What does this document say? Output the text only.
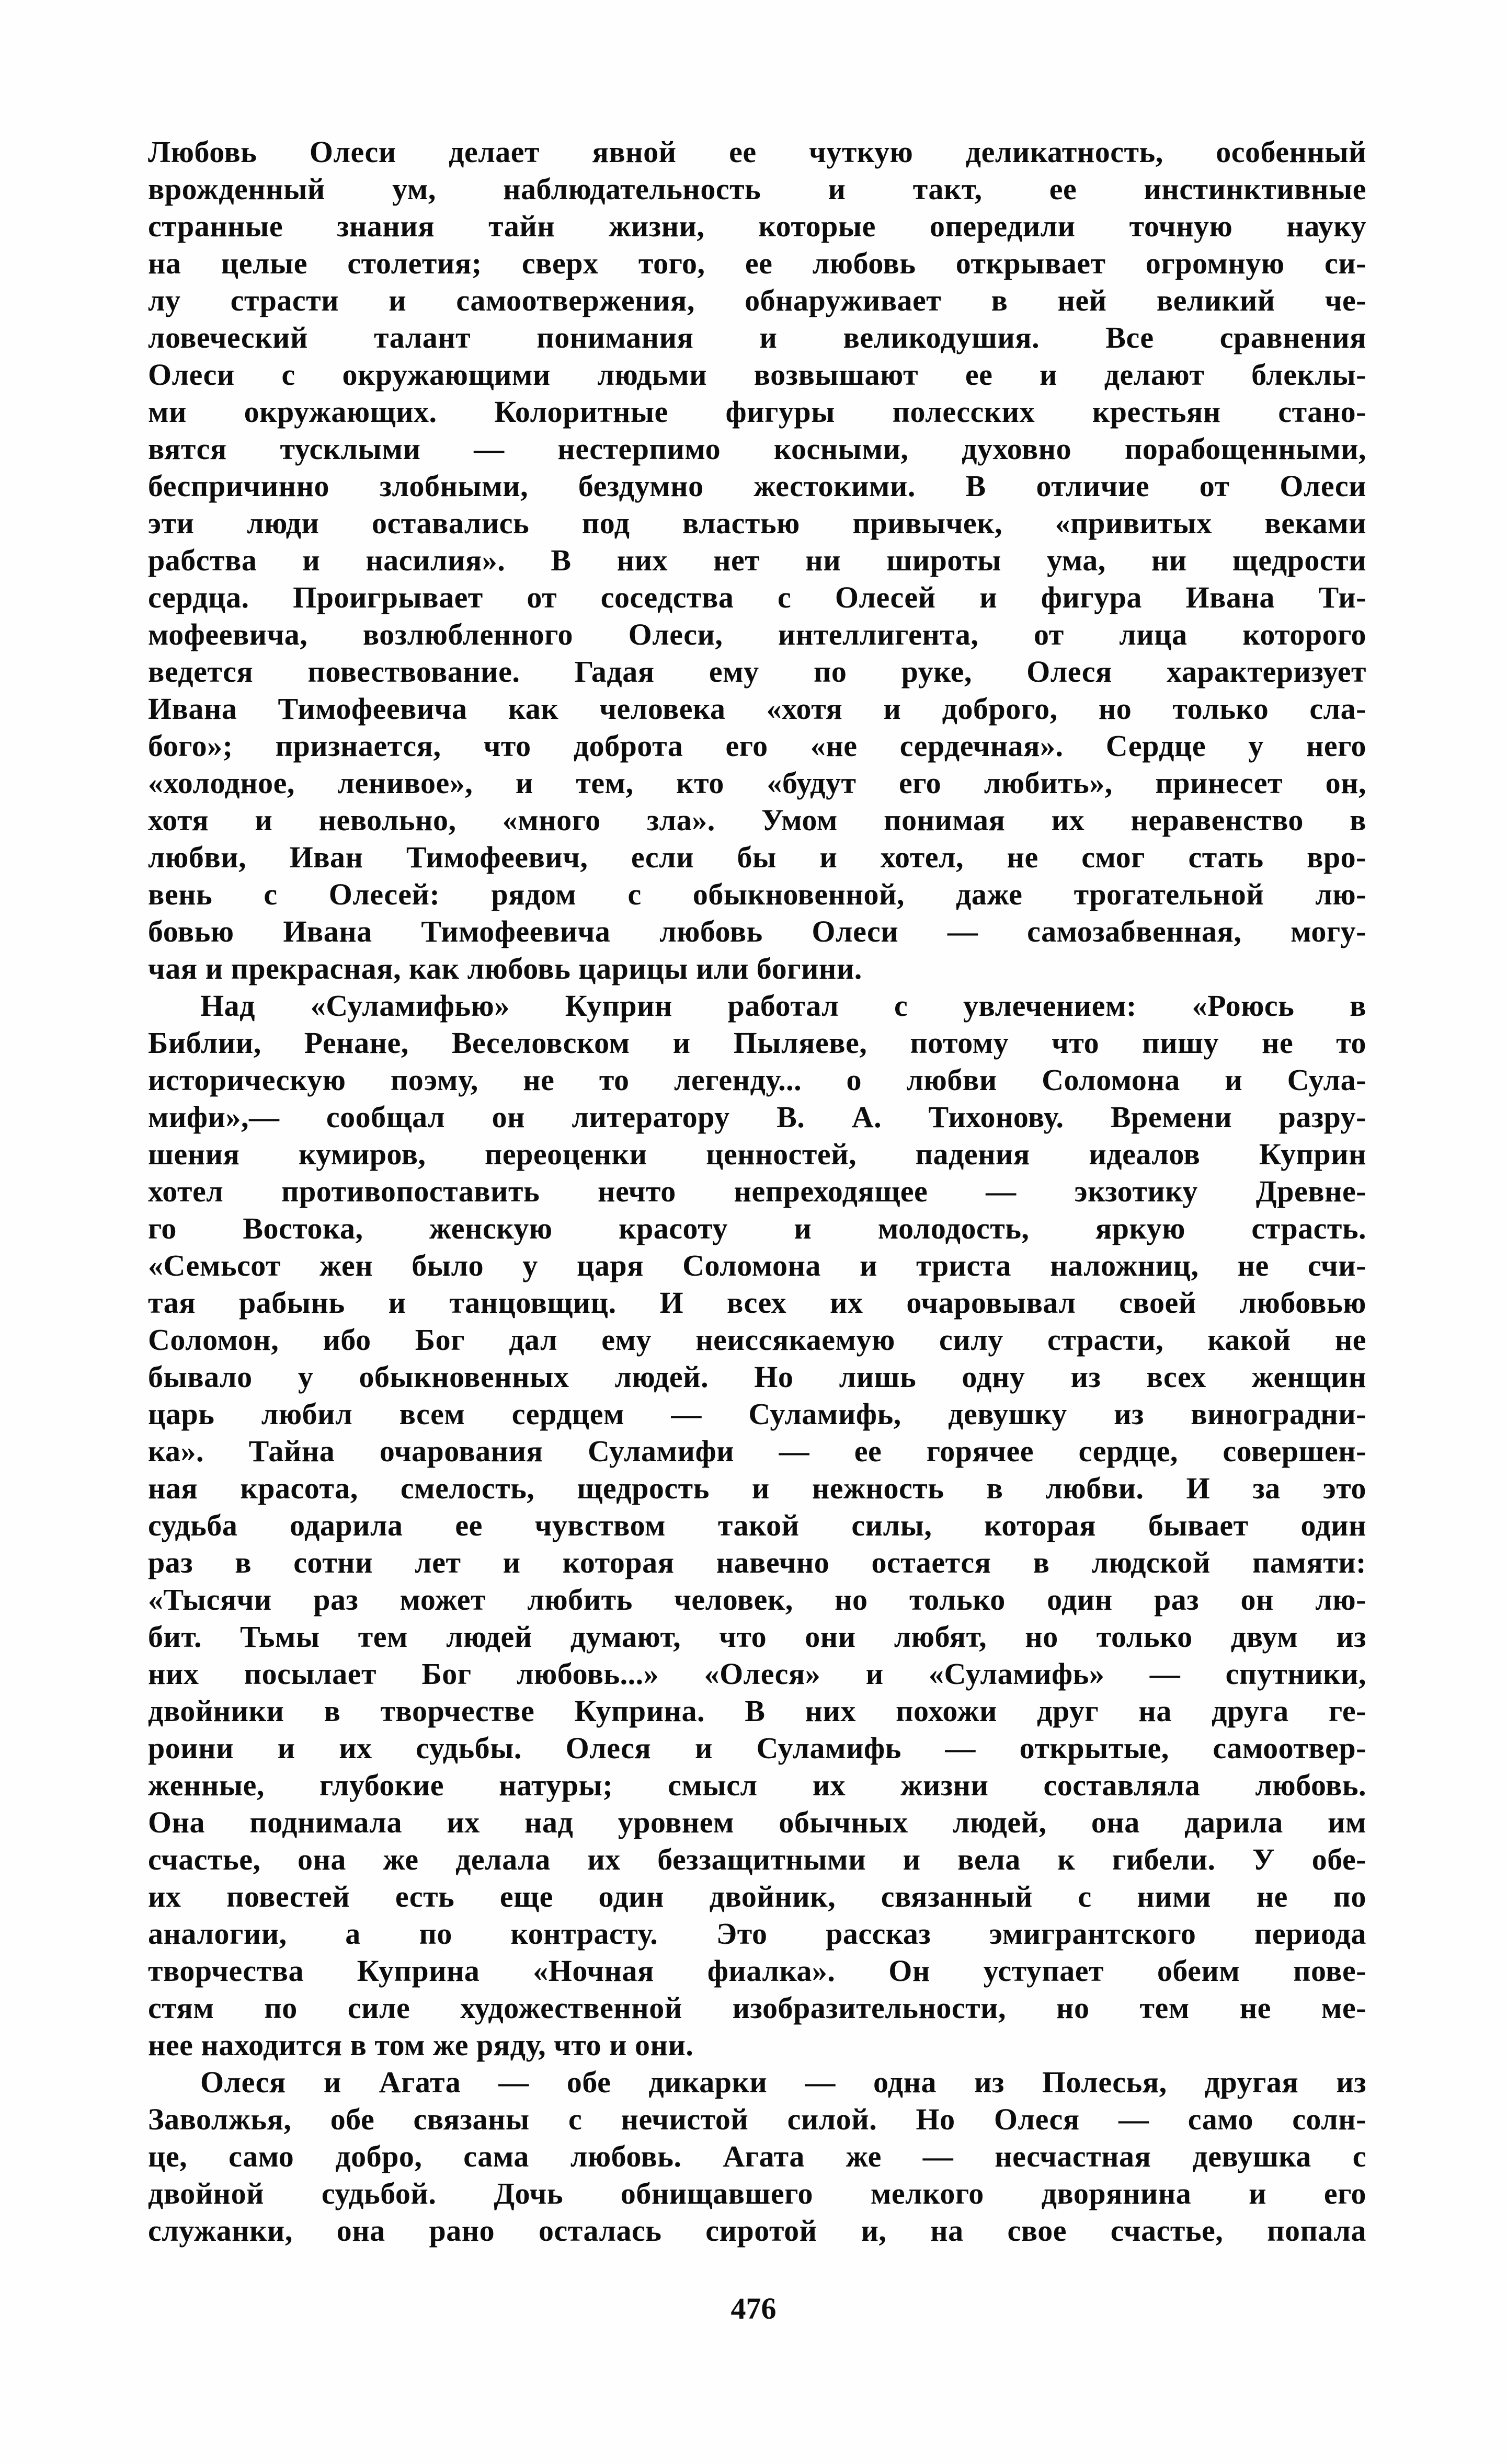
Любовь Олеси делает явной ее чуткую деликатность, особенный
врожденный ум, наблюдательность и такт, ее инстинктивные
странные знания тайн жизни, которые опередили точную науку
на целые столетия; сверх того, ее любовь открывает огромную си-
лу страсти и самоотвержения, обнаруживает в ней великий че-
ловеческий талант понимания и великодушия. Все сравнения
Олеси с окружающими людьми возвышают ее и делают блеклы-
ми окружающих. Колоритные фигуры полесских крестьян стано-
вятся тусклыми — нестерпимо косными, духовно порабощенными,
беспричинно злобными, бездумно жестокими. В отличие от Олеси
эти люди оставались под властью привычек, «привитых веками
рабства и насилия». В них нет ни широты ума, ни щедрости
сердца. Проигрывает от соседства с Олесей и фигура Ивана Ти-
мофеевича, возлюбленного Олеси, интеллигента, от лица которого
ведется повествование. Гадая ему по руке, Олеся характеризует
Ивана Тимофеевича как человека «хотя и доброго, но только сла-
бого»; признается, что доброта его «не сердечная». Сердце у него
«холодное, ленивое», и тем, кто «будут его любить», принесет он,
хотя и невольно, «много зла». Умом понимая их неравенство в
любви, Иван Тимофеевич, если бы и хотел, не смог стать вро-
вень с Олесей: рядом с обыкновенной, даже трогательной лю-
бовью Ивана Тимофеевича любовь Олеси — самозабвенная, могу-
чая и прекрасная, как любовь царицы или богини.
Над «Суламифью» Куприн работал с увлечением: «Роюсь в
Библии, Ренане, Веселовском и Пыляеве, потому что пишу не то
историческую поэму, не то легенду... о любви Соломона и Сула-
мифи»,— сообщал он литератору В. А. Тихонову. Времени разру-
шения кумиров, переоценки ценностей, падения идеалов Куприн
хотел противопоставить нечто непреходящее — экзотику Древне-
го Востока, женскую красоту и молодость, яркую страсть.
«Семьсот жен было у царя Соломона и триста наложниц, не счи-
тая рабынь и танцовщиц. И всех их очаровывал своей любовью
Соломон, ибо Бог дал ему неиссякаемую силу страсти, какой не
бывало у обыкновенных людей. Но лишь одну из всех женщин
царь любил всем сердцем — Суламифь, девушку из виноградни-
ка». Тайна очарования Суламифи — ее горячее сердце, совершен-
ная красота, смелость, щедрость и нежность в любви. И за это
судьба одарила ее чувством такой силы, которая бывает один
раз в сотни лет и которая навечно остается в людской памяти:
«Тысячи раз может любить человек, но только один раз он лю-
бит. Тьмы тем людей думают, что они любят, но только двум из
них посылает Бог любовь...» «Олеся» и «Суламифь» — спутники,
двойники в творчестве Куприна. В них похожи друг на друга ге-
роини и их судьбы. Олеся и Суламифь — открытые, самоотвер-
женные, глубокие натуры; смысл их жизни составляла любовь.
Она поднимала их над уровнем обычных людей, она дарила им
счастье, она же делала их беззащитными и вела к гибели. У обе-
их повестей есть еще один двойник, связанный с ними не по
аналогии, а по контрасту. Это рассказ эмигрантского периода
творчества Куприна «Ночная фиалка». Он уступает обеим пове-
стям по силе художественной изобразительности, но тем не ме-
нее находится в том же ряду, что и они.
Олеся и Агата — обе дикарки — одна из Полесья, другая из
Заволжья, обе связаны с нечистой силой. Но Олеся — само солн-
це, само добро, сама любовь. Агата же — несчастная девушка с
двойной судьбой. Дочь обнищавшего мелкого дворянина и его
служанки, она рано осталась сиротой и, на свое счастье, попала
476
